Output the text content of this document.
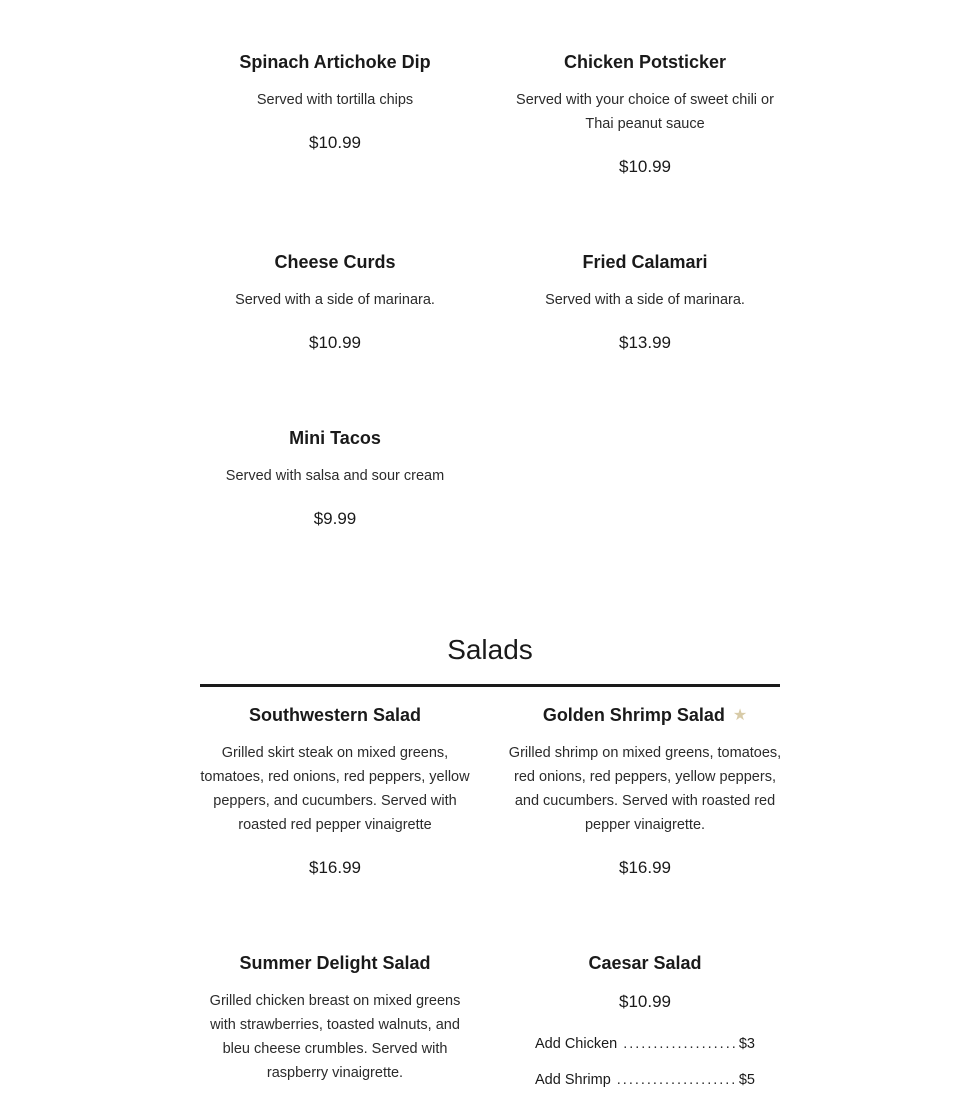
Spinach Artichoke Dip

Served with tortilla chips

$10.99

Chicken Potsticker

Served with your choice of sweet chili or Thai peanut sauce

$10.99

Cheese Curds

Served with a side of marinara.

$10.99

Fried Calamari

Served with a side of marinara.

$13.99

Mini Tacos

Served with salsa and sour cream

$9.99

Salads
Southwestern Salad

Grilled skirt steak on mixed greens, tomatoes, red onions, red peppers, yellow peppers, and cucumbers. Served with roasted red pepper vinaigrette

$16.99

Golden Shrimp Salad ★

Grilled shrimp on mixed greens, tomatoes, red onions, red peppers, yellow peppers, and cucumbers. Served with roasted red pepper vinaigrette.

$16.99

Summer Delight Salad

Grilled chicken breast on mixed greens with strawberries, toasted walnuts, and bleu cheese crumbles. Served with raspberry vinaigrette.

Caesar Salad

$10.99

Add Chicken .....	$3
Add Shrimp .....	$5
